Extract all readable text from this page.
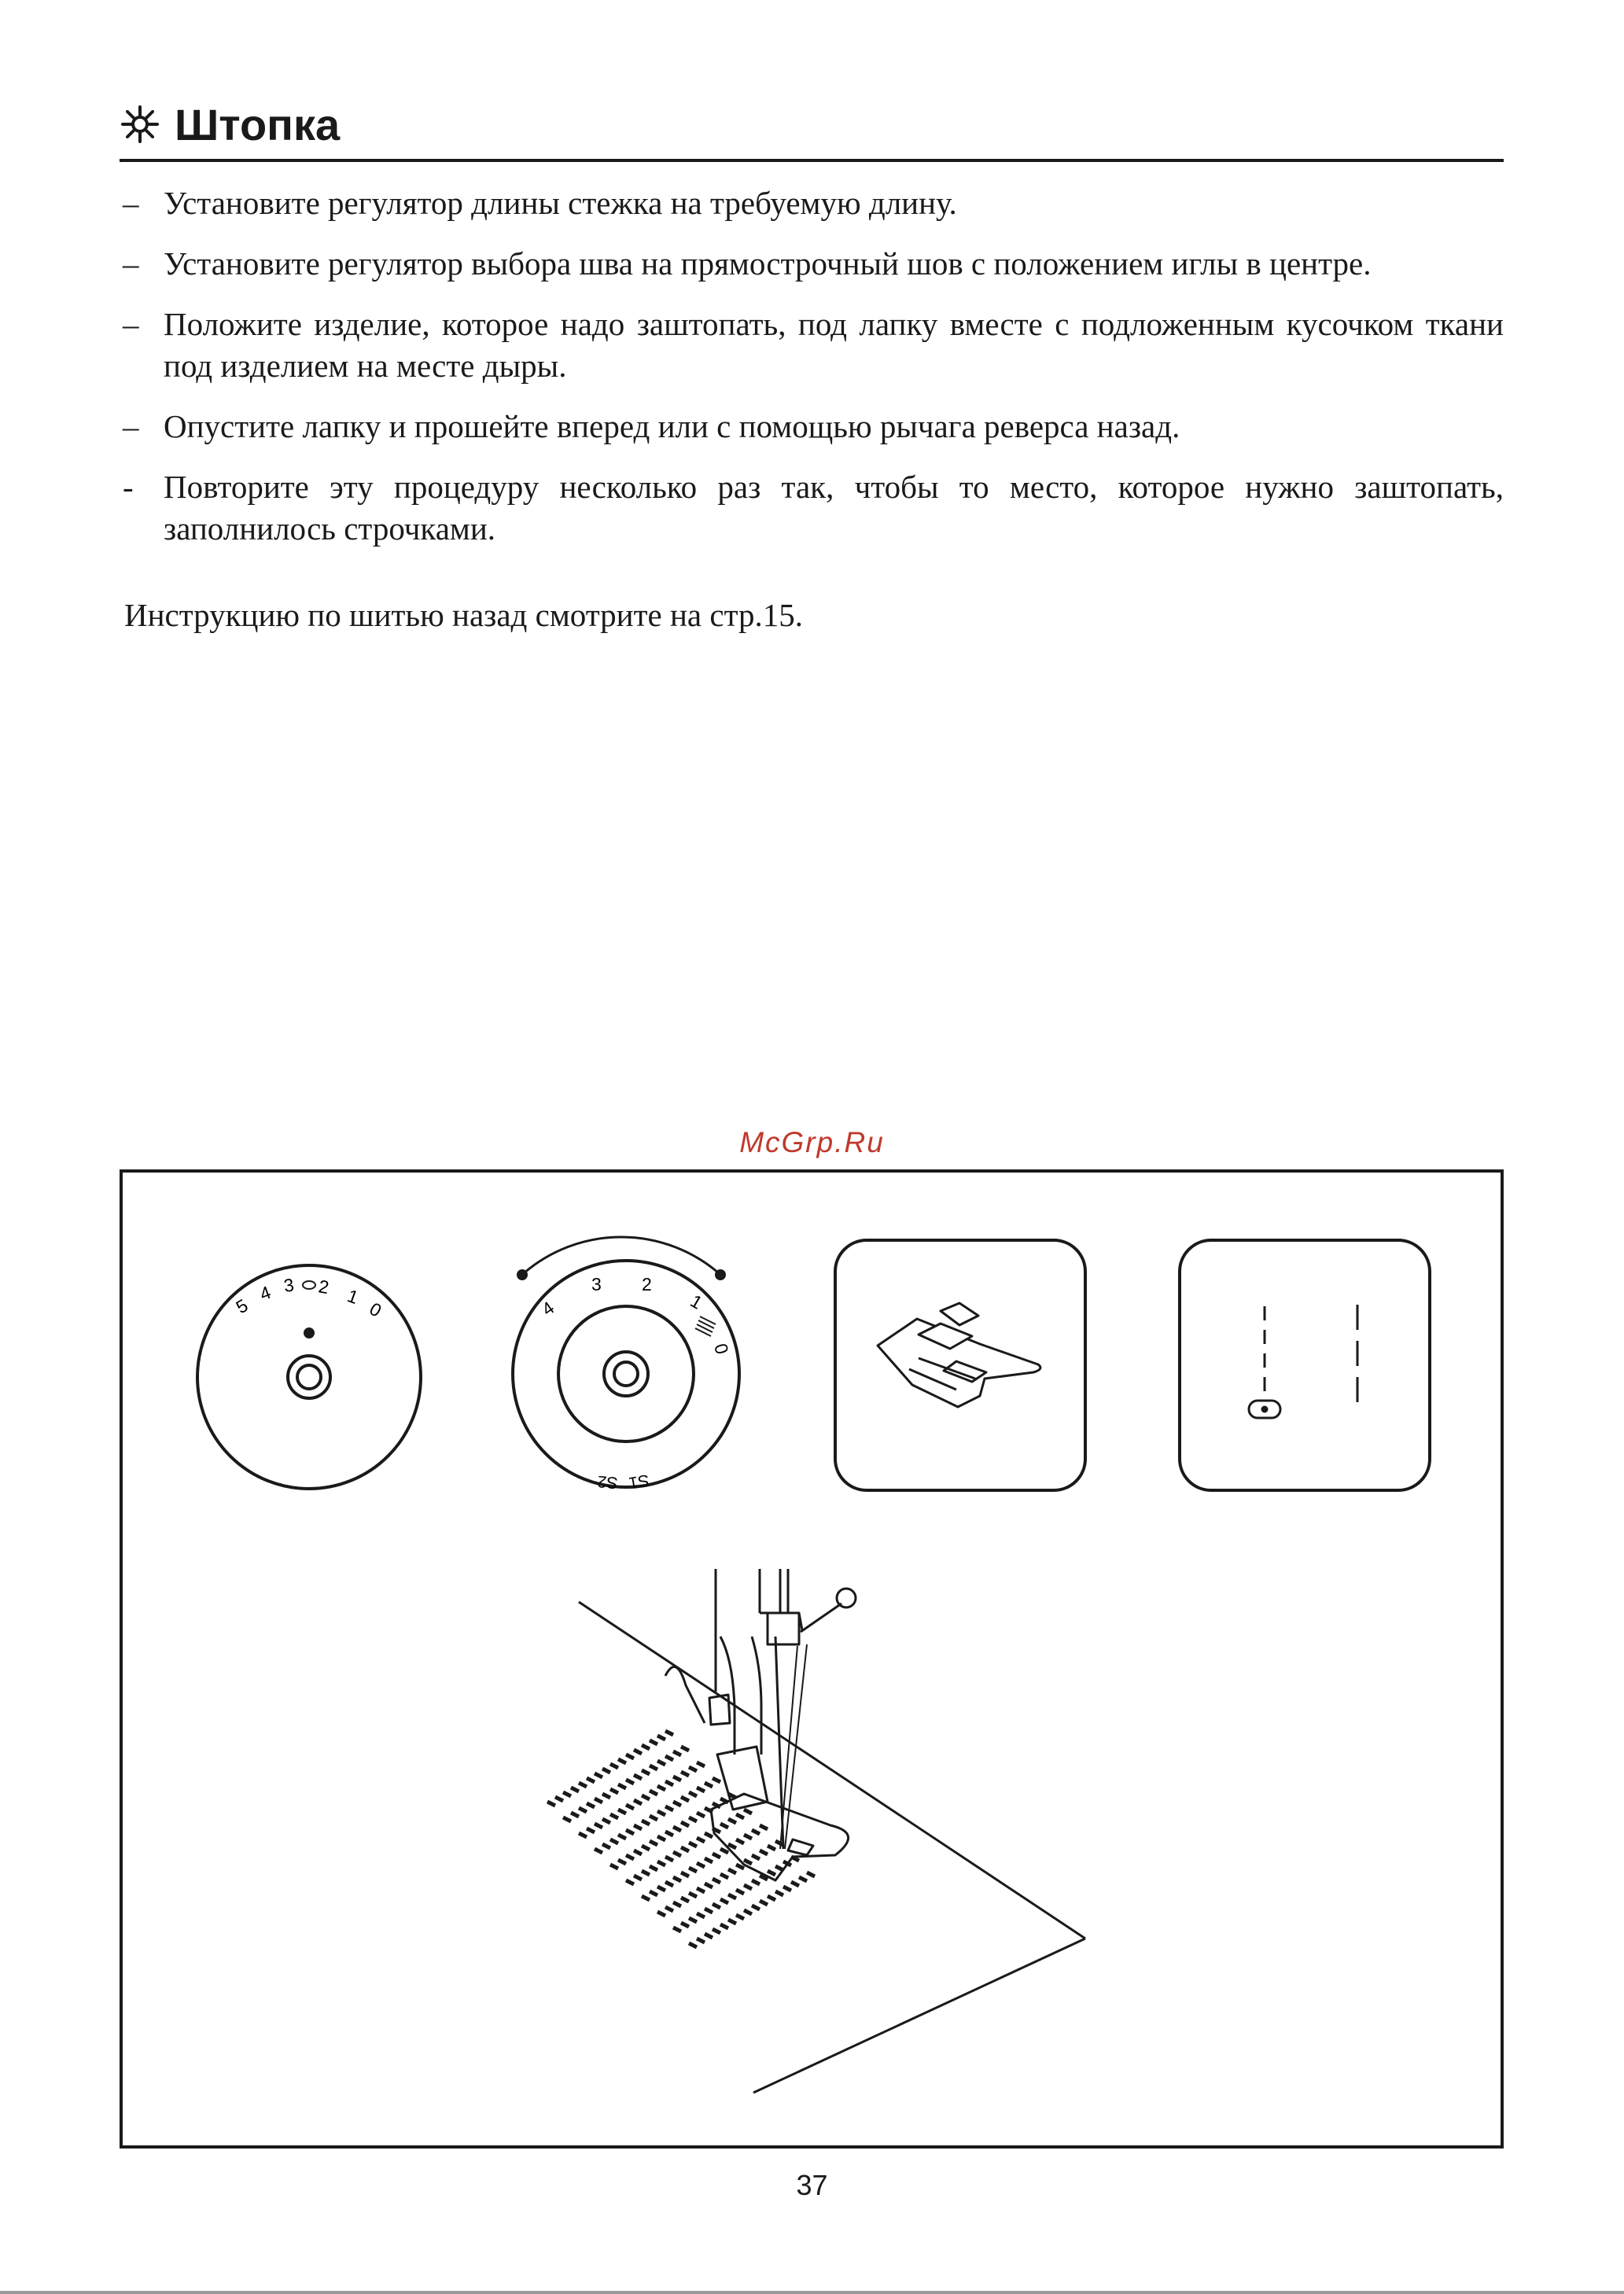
Штопка
– Установите регулятор длины стежка на требуемую длину.
– Установите регулятор выбора шва на прямострочный шов с положением иглы в центре.
– Положите изделие, которое надо заштопать, под лапку вместе с подложенным кусочком ткани под изделием на месте дыры.
– Опустите лапку и прошейте вперед или с помощью рычага реверса назад.
- Повторите эту процедуру несколько раз так, чтобы то место, которое нужно заштопать, заполнилось строчками.
Инструкцию по шитью назад смотрите на стр.15.
McGrp.Ru
5
4 3 2 1
0	4
3 2
1
0
S1
S2
37
